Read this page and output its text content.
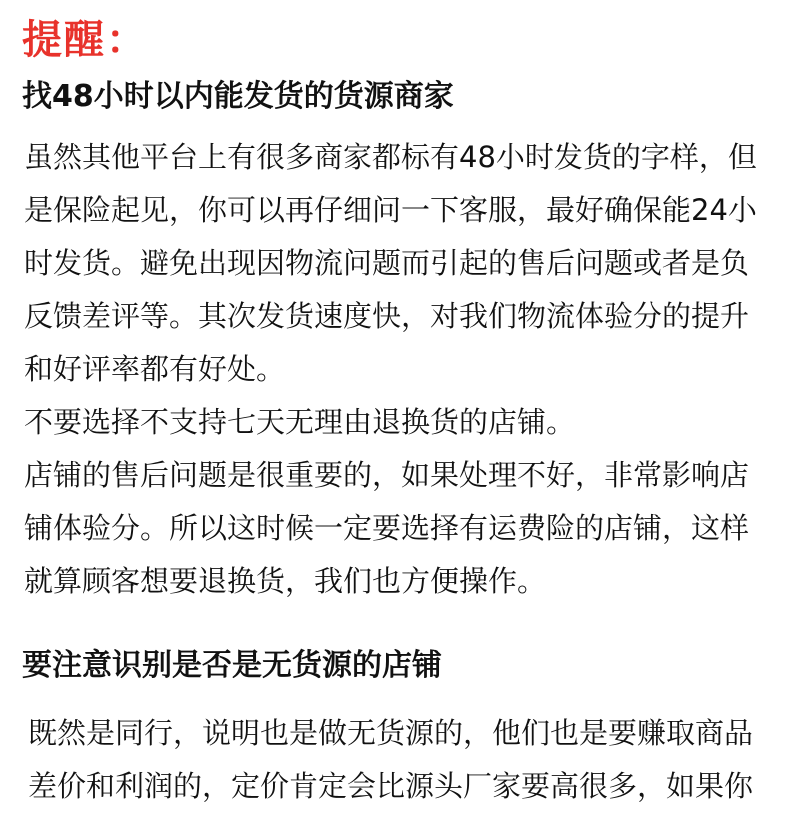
提醒：
找48小时以内能发货的货源商家
虽然其他平台上有很多商家都标有48小时发货的字样，但
是保险起见，你可以再仔细问一下客服，最好确保能24小
时发货。避免出现因物流问题而引起的售后问题或者是负
反馈差评等。其次发货速度快，对我们物流体验分的提升
和好评率都有好处。
不要选择不支持七天无理由退换货的店铺。
店铺的售后问题是很重要的，如果处理不好，非常影响店
铺体验分。所以这时候一定要选择有运费险的店铺，这样
就算顾客想要退换货，我们也方便操作。
要注意识别是否是无货源的店铺
既然是同行，说明也是做无货源的，他们也是要赚取商品
差价和利润的，定价肯定会比源头厂家要高很多，如果你
